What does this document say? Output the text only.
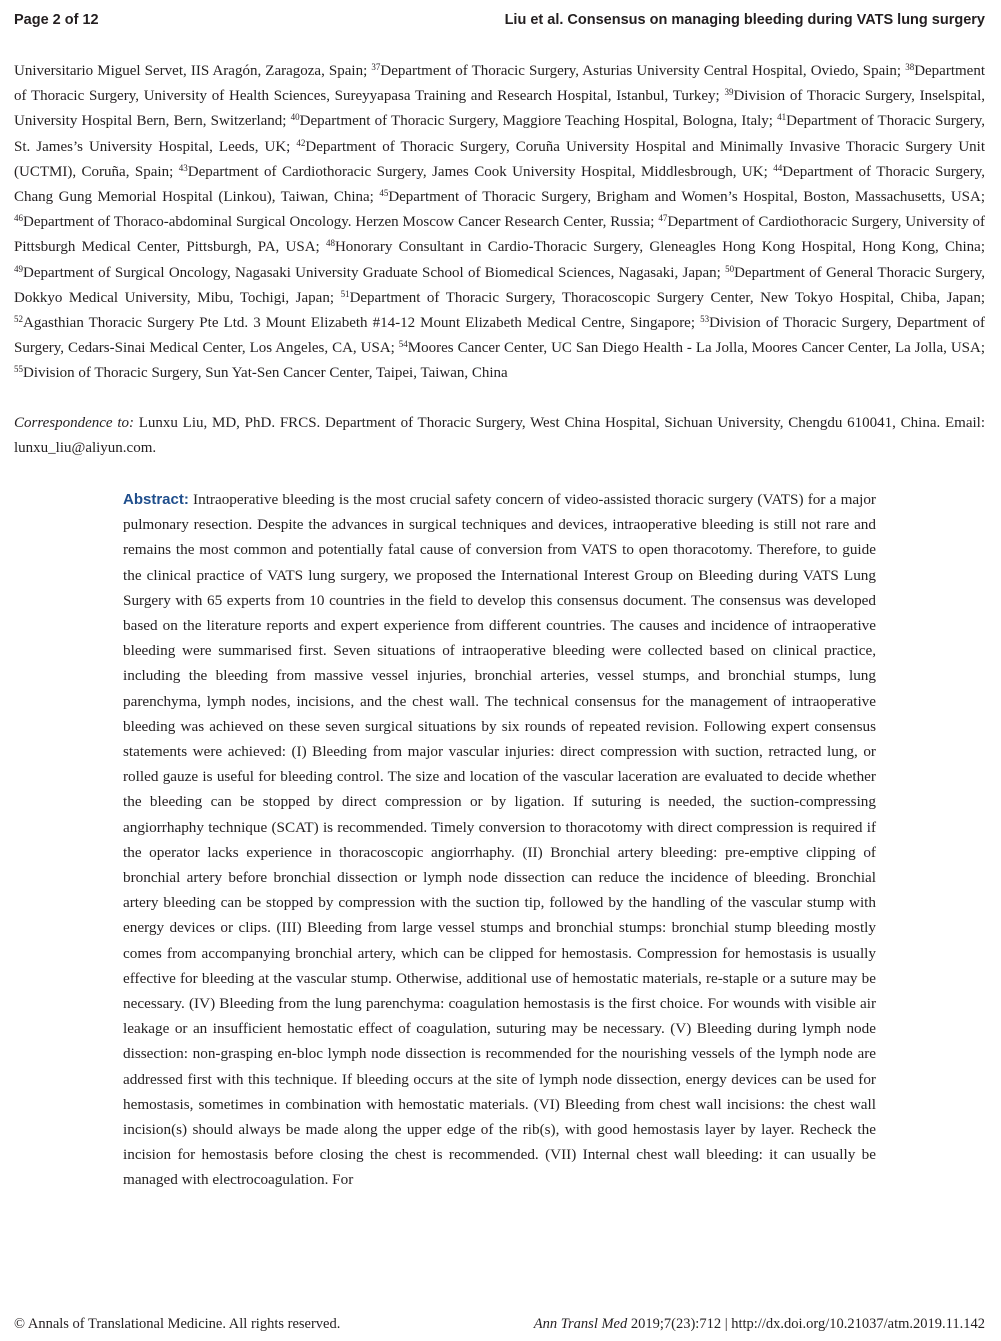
Page 2 of 12	Liu et al. Consensus on managing bleeding during VATS lung surgery
Universitario Miguel Servet, IIS Aragón, Zaragoza, Spain; $^{37}$Department of Thoracic Surgery, Asturias University Central Hospital, Oviedo, Spain; $^{38}$Department of Thoracic Surgery, University of Health Sciences, Sureyyapasa Training and Research Hospital, Istanbul, Turkey; $^{39}$Division of Thoracic Surgery, Inselspital, University Hospital Bern, Bern, Switzerland; $^{40}$Department of Thoracic Surgery, Maggiore Teaching Hospital, Bologna, Italy; $^{41}$Department of Thoracic Surgery, St. James’s University Hospital, Leeds, UK; $^{42}$Department of Thoracic Surgery, Coruña University Hospital and Minimally Invasive Thoracic Surgery Unit (UCTMI), Coruña, Spain; $^{43}$Department of Cardiothoracic Surgery, James Cook University Hospital, Middlesbrough, UK; $^{44}$Department of Thoracic Surgery, Chang Gung Memorial Hospital (Linkou), Taiwan, China; $^{45}$Department of Thoracic Surgery, Brigham and Women’s Hospital, Boston, Massachusetts, USA; $^{46}$Department of Thoraco-abdominal Surgical Oncology. Herzen Moscow Cancer Research Center, Russia; $^{47}$Department of Cardiothoracic Surgery, University of Pittsburgh Medical Center, Pittsburgh, PA, USA; $^{48}$Honorary Consultant in Cardio-Thoracic Surgery, Gleneagles Hong Kong Hospital, Hong Kong, China; $^{49}$Department of Surgical Oncology, Nagasaki University Graduate School of Biomedical Sciences, Nagasaki, Japan; $^{50}$Department of General Thoracic Surgery, Dokkyo Medical University, Mibu, Tochigi, Japan; $^{51}$Department of Thoracic Surgery, Thoracoscopic Surgery Center, New Tokyo Hospital, Chiba, Japan; $^{52}$Agasthian Thoracic Surgery Pte Ltd. 3 Mount Elizabeth #14-12 Mount Elizabeth Medical Centre, Singapore; $^{53}$Division of Thoracic Surgery, Department of Surgery, Cedars-Sinai Medical Center, Los Angeles, CA, USA; $^{54}$Moores Cancer Center, UC San Diego Health - La Jolla, Moores Cancer Center, La Jolla, USA; $^{55}$Division of Thoracic Surgery, Sun Yat-Sen Cancer Center, Taipei, Taiwan, China
Correspondence to: Lunxu Liu, MD, PhD. FRCS. Department of Thoracic Surgery, West China Hospital, Sichuan University, Chengdu 610041, China. Email: lunxu_liu@aliyun.com.
Abstract: Intraoperative bleeding is the most crucial safety concern of video-assisted thoracic surgery (VATS) for a major pulmonary resection. Despite the advances in surgical techniques and devices, intraoperative bleeding is still not rare and remains the most common and potentially fatal cause of conversion from VATS to open thoracotomy. Therefore, to guide the clinical practice of VATS lung surgery, we proposed the International Interest Group on Bleeding during VATS Lung Surgery with 65 experts from 10 countries in the field to develop this consensus document. The consensus was developed based on the literature reports and expert experience from different countries. The causes and incidence of intraoperative bleeding were summarised first. Seven situations of intraoperative bleeding were collected based on clinical practice, including the bleeding from massive vessel injuries, bronchial arteries, vessel stumps, and bronchial stumps, lung parenchyma, lymph nodes, incisions, and the chest wall. The technical consensus for the management of intraoperative bleeding was achieved on these seven surgical situations by six rounds of repeated revision. Following expert consensus statements were achieved: (I) Bleeding from major vascular injuries: direct compression with suction, retracted lung, or rolled gauze is useful for bleeding control. The size and location of the vascular laceration are evaluated to decide whether the bleeding can be stopped by direct compression or by ligation. If suturing is needed, the suction-compressing angiorrhaphy technique (SCAT) is recommended. Timely conversion to thoracotomy with direct compression is required if the operator lacks experience in thoracoscopic angiorrhaphy. (II) Bronchial artery bleeding: pre-emptive clipping of bronchial artery before bronchial dissection or lymph node dissection can reduce the incidence of bleeding. Bronchial artery bleeding can be stopped by compression with the suction tip, followed by the handling of the vascular stump with energy devices or clips. (III) Bleeding from large vessel stumps and bronchial stumps: bronchial stump bleeding mostly comes from accompanying bronchial artery, which can be clipped for hemostasis. Compression for hemostasis is usually effective for bleeding at the vascular stump. Otherwise, additional use of hemostatic materials, re-staple or a suture may be necessary. (IV) Bleeding from the lung parenchyma: coagulation hemostasis is the first choice. For wounds with visible air leakage or an insufficient hemostatic effect of coagulation, suturing may be necessary. (V) Bleeding during lymph node dissection: non-grasping en-bloc lymph node dissection is recommended for the nourishing vessels of the lymph node are addressed first with this technique. If bleeding occurs at the site of lymph node dissection, energy devices can be used for hemostasis, sometimes in combination with hemostatic materials. (VI) Bleeding from chest wall incisions: the chest wall incision(s) should always be made along the upper edge of the rib(s), with good hemostasis layer by layer. Recheck the incision for hemostasis before closing the chest is recommended. (VII) Internal chest wall bleeding: it can usually be managed with electrocoagulation. For
© Annals of Translational Medicine. All rights reserved.	Ann Transl Med 2019;7(23):712 | http://dx.doi.org/10.21037/atm.2019.11.142
